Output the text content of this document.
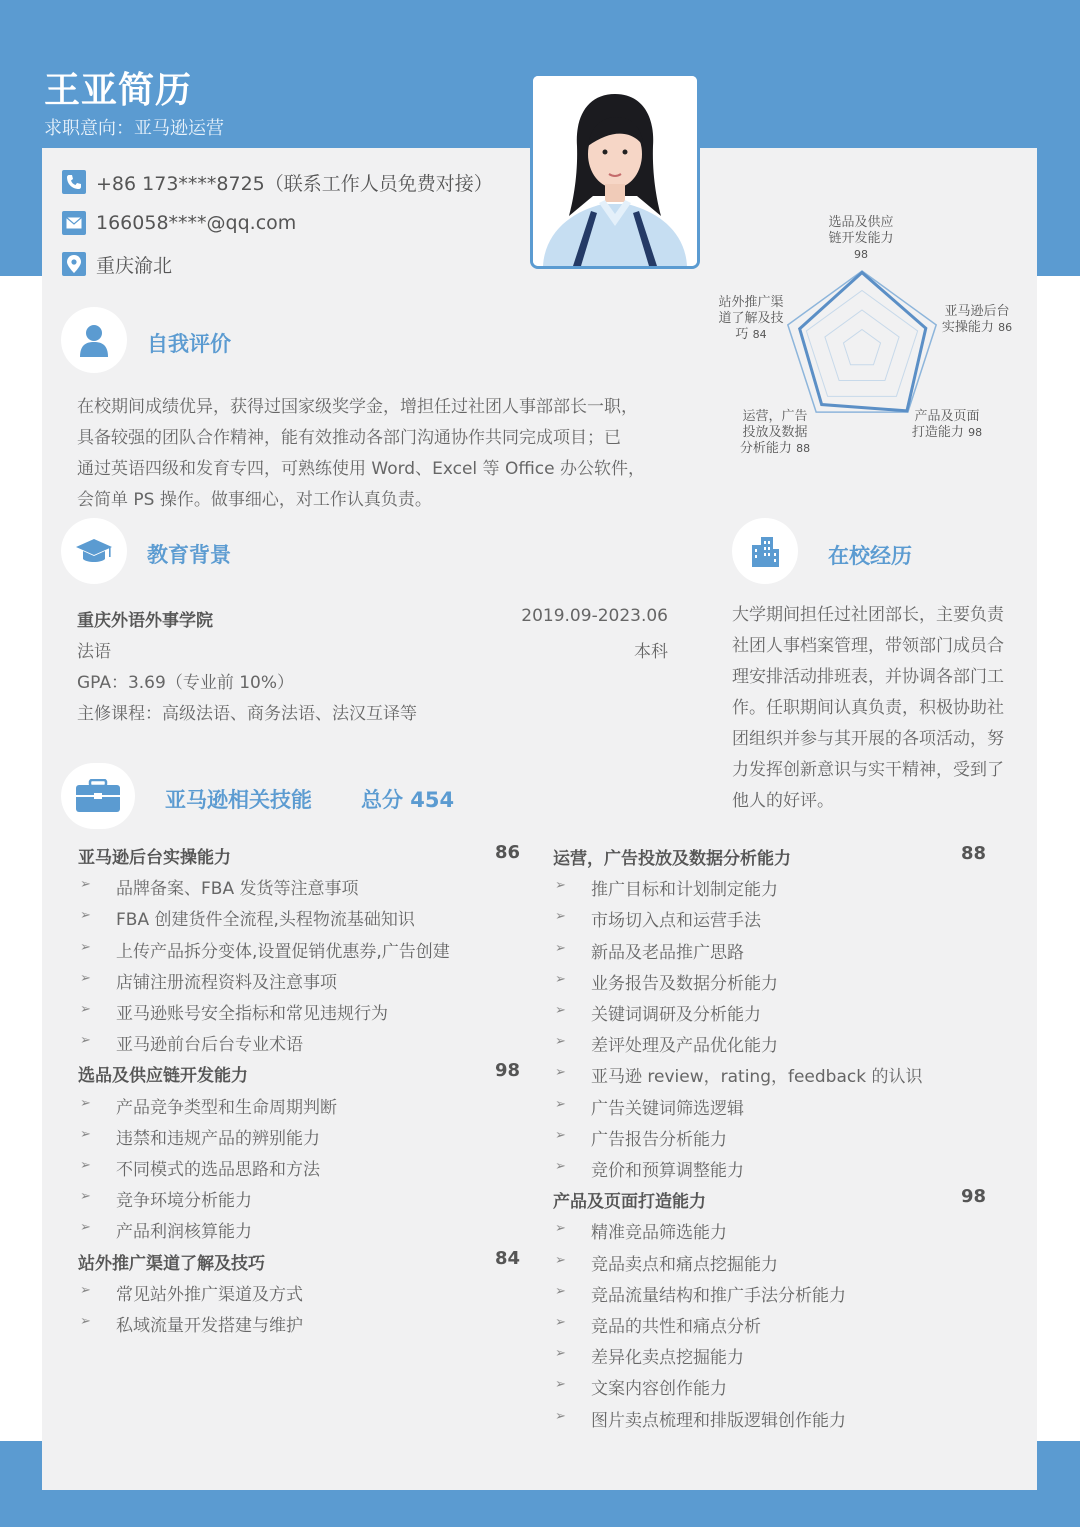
王亚简历
求职意向：亚马逊运营
+86 173****8725（联系工作人员免费对接）
166058****@qq.com
重庆渝北
选品及供应
链开发能力
98
亚马逊后台
实操能力 86
产品及页面
打造能力 98
运营，广告
投放及数据
分析能力 88
站外推广渠
道了解及技
巧 84
自我评价
在校期间成绩优异，获得过国家级奖学金，增担任过社团人事部部长一职，
具备较强的团队合作精神，能有效推动各部门沟通协作共同完成项目；已
通过英语四级和发育专四，可熟练使用 Word、Excel 等 Office 办公软件，
会简单 PS 操作。做事细心，对工作认真负责。
教育背景
重庆外语外事学院	2019.09-2023.06
法语	本科
GPA：3.69（专业前 10%）
主修课程：高级法语、商务法语、法汉互译等
在校经历
大学期间担任过社团部长，主要负责
社团人事档案管理，带领部门成员合
理安排活动排班表，并协调各部门工
作。任职期间认真负责，积极协助社
团组织并参与其开展的各项活动，努
力发挥创新意识与实干精神，受到了
他人的好评。
亚马逊相关技能 总分 454
亚马逊后台实操能力	86
➢ 品牌备案、FBA 发货等注意事项
➢ FBA 创建货件全流程,头程物流基础知识
➢ 上传产品拆分变体,设置促销优惠券,广告创建
➢ 店铺注册流程资料及注意事项
➢ 亚马逊账号安全指标和常见违规行为
➢ 亚马逊前台后台专业术语
选品及供应链开发能力	98
➢ 产品竞争类型和生命周期判断
➢ 违禁和违规产品的辨别能力
➢ 不同模式的选品思路和方法
➢ 竞争环境分析能力
➢ 产品利润核算能力
站外推广渠道了解及技巧	84
➢ 常见站外推广渠道及方式
➢ 私域流量开发搭建与维护
运营，广告投放及数据分析能力	88
➢ 推广目标和计划制定能力
➢ 市场切入点和运营手法
➢ 新品及老品推广思路
➢ 业务报告及数据分析能力
➢ 关键词调研及分析能力
➢ 差评处理及产品优化能力
➢ 亚马逊 review，rating，feedback 的认识
➢ 广告关键词筛选逻辑
➢ 广告报告分析能力
➢ 竞价和预算调整能力
产品及页面打造能力	98
➢ 精准竞品筛选能力
➢ 竞品卖点和痛点挖掘能力
➢ 竞品流量结构和推广手法分析能力
➢ 竞品的共性和痛点分析
➢ 差异化卖点挖掘能力
➢ 文案内容创作能力
➢ 图片卖点梳理和排版逻辑创作能力
